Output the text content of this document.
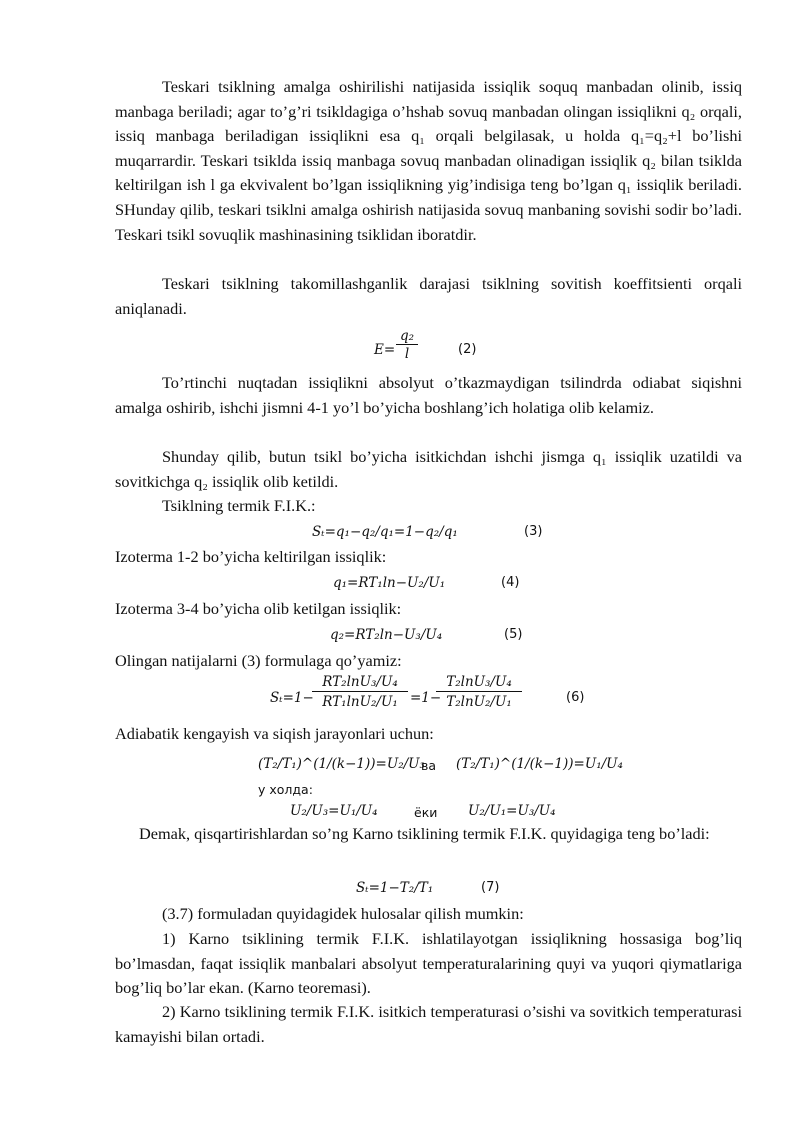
Teskari tsiklning amalga oshirilishi natijasida issiqlik soquq manbadan olinib, issiq manbaga beriladi; agar to’g’ri tsikldagiga o’hshab sovuq manbadan olingan issiqlikni q₂ orqali, issiq manbaga beriladigan issiqlikni esa q₁ orqali belgilasak, u holda q₁=q₂+l bo’lishi muqarrardir. Teskari tsiklda issiq manbaga sovuq manbadan olinadigan issiqlik q₂ bilan tsiklda keltirilgan ish l ga ekvivalent bo’lgan issiqlikning yig’indisiga teng bo’lgan q₁ issiqlik beriladi. SHunday qilib, teskari tsiklni amalga oshirish natijasida sovuq manbaning sovishi sodir bo’ladi. Teskari tsikl sovuqlik mashinasining tsiklidan iboratdir.
Teskari tsiklning takomillashganlik darajasi tsiklning sovitish koeffitsienti orqali aniqlanadi.
E=
q₂
l	(2)
To’rtinchi nuqtadan issiqlikni absolyut o’tkazmaydigan tsilindrda odiabat siqishni amalga oshirib, ishchi jismni 4-1 yo’l bo’yicha boshlang’ich holatiga olib kelamiz.
Shunday qilib, butun tsikl bo’yicha isitkichdan ishchi jismga q₁ issiqlik uzatildi va sovitkichga q₂ issiqlik olib ketildi.
Tsiklning termik F.I.K.:
Sₜ=q₁−q₂/q₁=1−q₂/q₁	(3)
Izoterma 1-2 bo’yicha keltirilgan issiqlik:
q₁=RT₁ln−U₂/U₁	(4)
Izoterma 3-4 bo’yicha olib ketilgan issiqlik:
q₂=RT₂ln−U₃/U₄	(5)
Olingan natijalarni (3) formulaga qo’yamiz:
Sₜ=1−
RT₂lnU₃/U₄
RT₁lnU₂/U₁ =1−
T₂lnU₃/U₄
T₂lnU₂/U₁	(6)
Adiabatik kengayish va siqish jarayonlari uchun:
(T₂/T₁)^(1/(k−1))=U₂/U₃
ва (T₂/T₁)^(1/(k−1))=U₁/U₄
у холда:
U₂/U₃=U₁/U₄	ёки U₂/U₁=U₃/U₄
Demak, qisqartirishlardan so’ng Karno tsiklining termik F.I.K. quyidagiga teng bo’ladi:
Sₜ=1−T₂/T₁	(7)
(3.7) formuladan quyidagidek hulosalar qilish mumkin:
1) Karno tsiklining termik F.I.K. ishlatilayotgan issiqlikning hossasiga bog’liq bo’lmasdan, faqat issiqlik manbalari absolyut temperaturalarining quyi va yuqori qiymatlariga bog’liq bo’lar ekan. (Karno teoremasi).
2) Karno tsiklining termik F.I.K. isitkich temperaturasi o’sishi va sovitkich temperaturasi kamayishi bilan ortadi.
